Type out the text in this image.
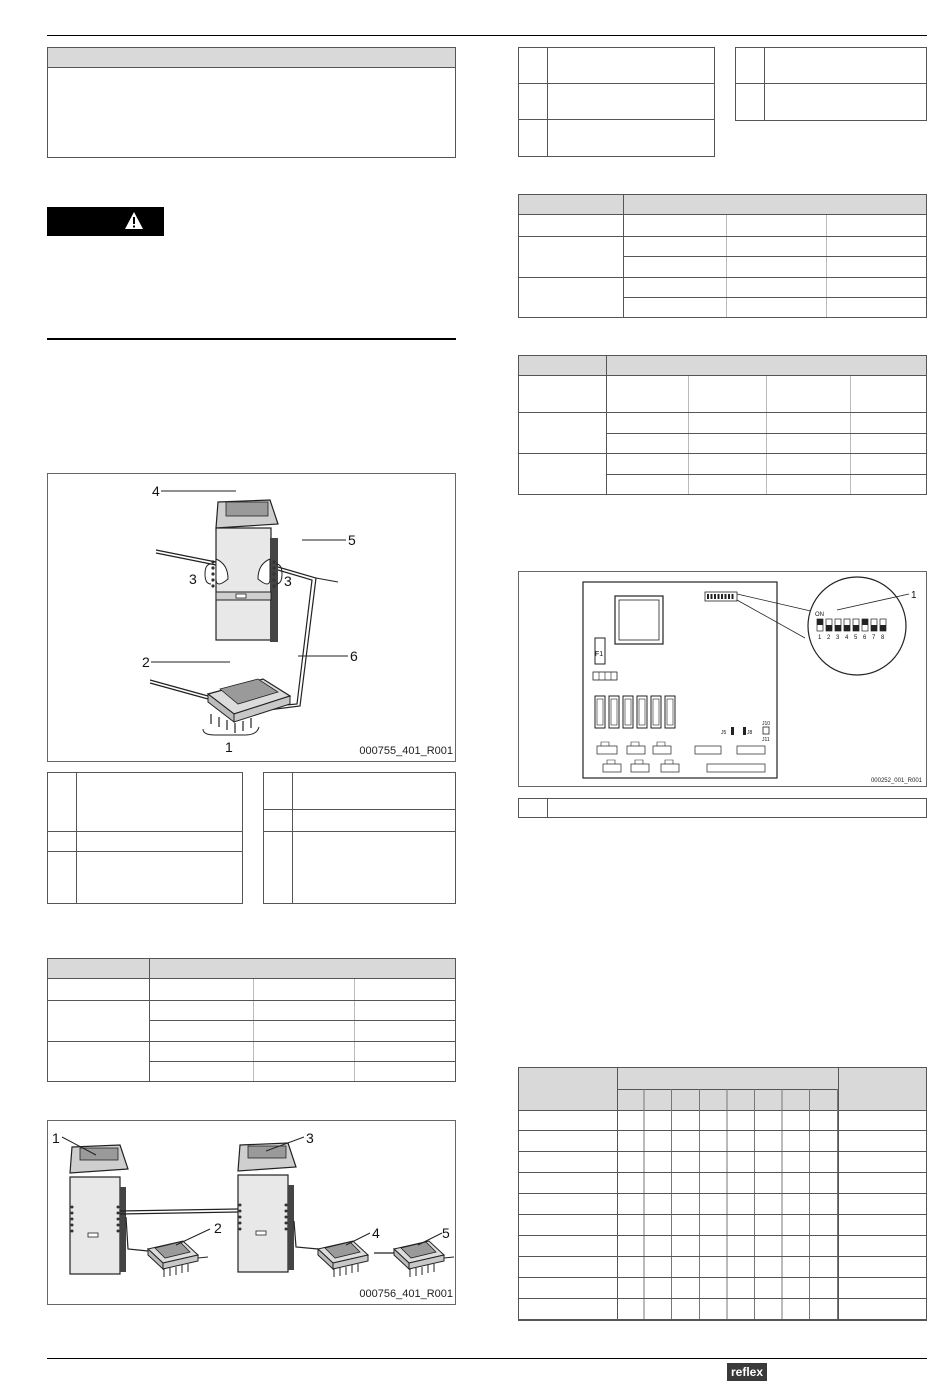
4
5
3	3
2	6
1	000755_401_R001
1	3
2	4	5
000756_401_R001
F1
J5	J8
J10
J11
ON
1 2 3 4 5 6 7 8
1
000252_001_R001
reflex
